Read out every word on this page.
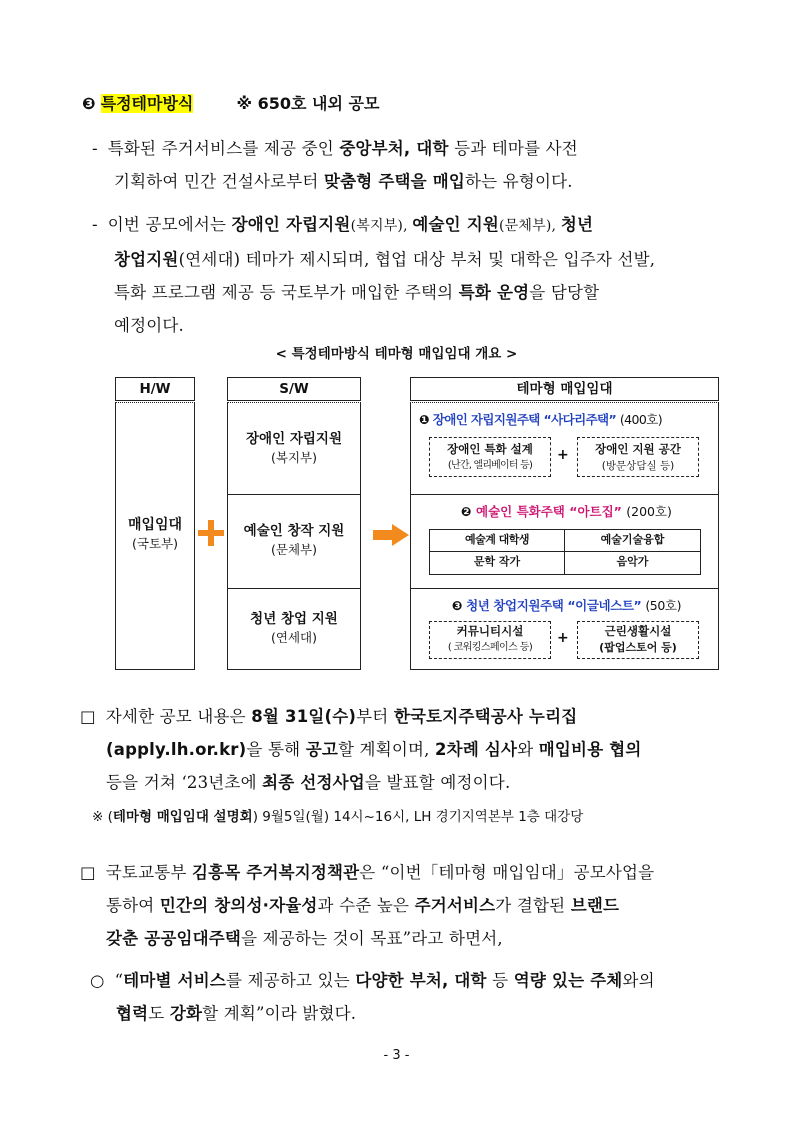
❸ 특정테마방식	※ 650호 내외 공모
- 특화된 주거서비스를 제공 중인 중앙부처, 대학 등과 테마를 사전
기획하여 민간 건설사로부터 맞춤형 주택을 매입하는 유형이다.
- 이번 공모에서는 장애인 자립지원(복지부), 예술인 지원(문체부), 청년
창업지원(연세대) 테마가 제시되며, 협업 대상 부처 및 대학은 입주자 선발,
특화 프로그램 제공 등 국토부가 매입한 주택의 특화 운영을 담당할
예정이다.
< 특정테마방식 테마형 매입임대 개요 >
H/W	S/W	테마형 매입임대
매입임대
(국토부)
장애인 자립지원
(복지부)
예술인 창작 지원
(문체부)
청년 창업 지원
(연세대)
❶ 장애인 자립지원주택 “사다리주택” (400호)
장애인 특화 설계
(난간, 엘리베이터 등)
+	장애인 지원 공간
(방문상담실 등)
❷ 예술인 특화주택 “아트집” (200호)
예술계 대학생	예술기술융합
문학 작가	음악가
❸ 청년 창업지원주택 “이글네스트” (50호)
커뮤니티시설
( 코워킹스페이스 등)
+	근린생활시설
(팝업스토어 등)
□ 자세한 공모 내용은 8월 31일(수)부터 한국토지주택공사 누리집
(apply.lh.or.kr)을 통해 공고할 계획이며, 2차례 심사와 매입비용 협의
등을 거쳐 ‘23년초에 최종 선정사업을 발표할 예정이다.
※ (테마형 매입임대 설명회) 9월5일(월) 14시~16시, LH 경기지역본부 1층 대강당
□ 국토교통부 김흥목 주거복지정책관은 “이번「테마형 매입임대」공모사업을
통하여 민간의 창의성·자율성과 수준 높은 주거서비스가 결합된 브랜드
갖춘 공공임대주택을 제공하는 것이 목표”라고 하면서,
○ “테마별 서비스를 제공하고 있는 다양한 부처, 대학 등 역량 있는 주체와의
협력도 강화할 계획”이라 밝혔다.
- 3 -
